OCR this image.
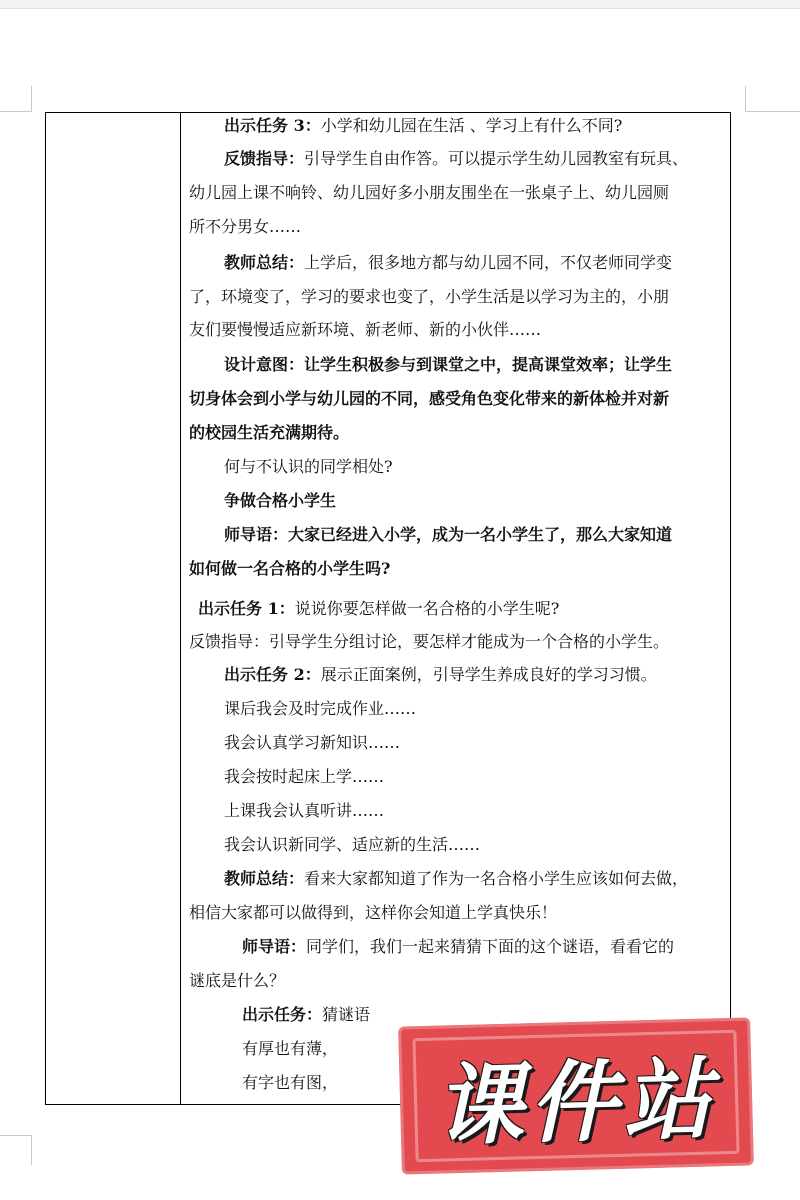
出示任务 3：小学和幼儿园在生活 、学习上有什么不同?
反馈指导：引导学生自由作答。可以提示学生幼儿园教室有玩具、
幼儿园上课不响铃、幼儿园好多小朋友围坐在一张桌子上、幼儿园厕
所不分男女……
教师总结：上学后，很多地方都与幼儿园不同，不仅老师同学变
了，环境变了，学习的要求也变了，小学生活是以学习为主的，小朋
友们要慢慢适应新环境、新老师、新的小伙伴……
设计意图：让学生积极参与到课堂之中，提高课堂效率；让学生
切身体会到小学与幼儿园的不同，感受角色变化带来的新体检并对新
的校园生活充满期待。
何与不认识的同学相处?
争做合格小学生
师导语：大家已经进入小学，成为一名小学生了，那么大家知道
如何做一名合格的小学生吗?
出示任务 1：说说你要怎样做一名合格的小学生呢?
反馈指导：引导学生分组讨论，要怎样才能成为一个合格的小学生。
出示任务 2：展示正面案例，引导学生养成良好的学习习惯。
课后我会及时完成作业……
我会认真学习新知识……
我会按时起床上学……
上课我会认真听讲……
我会认识新同学、适应新的生活……
教师总结：看来大家都知道了作为一名合格小学生应该如何去做，
相信大家都可以做得到，这样你会知道上学真快乐！
师导语：同学们，我们一起来猜猜下面的这个谜语，看看它的
谜底是什么？
出示任务：猜谜语
有厚也有薄，
有字也有图，	课件站
